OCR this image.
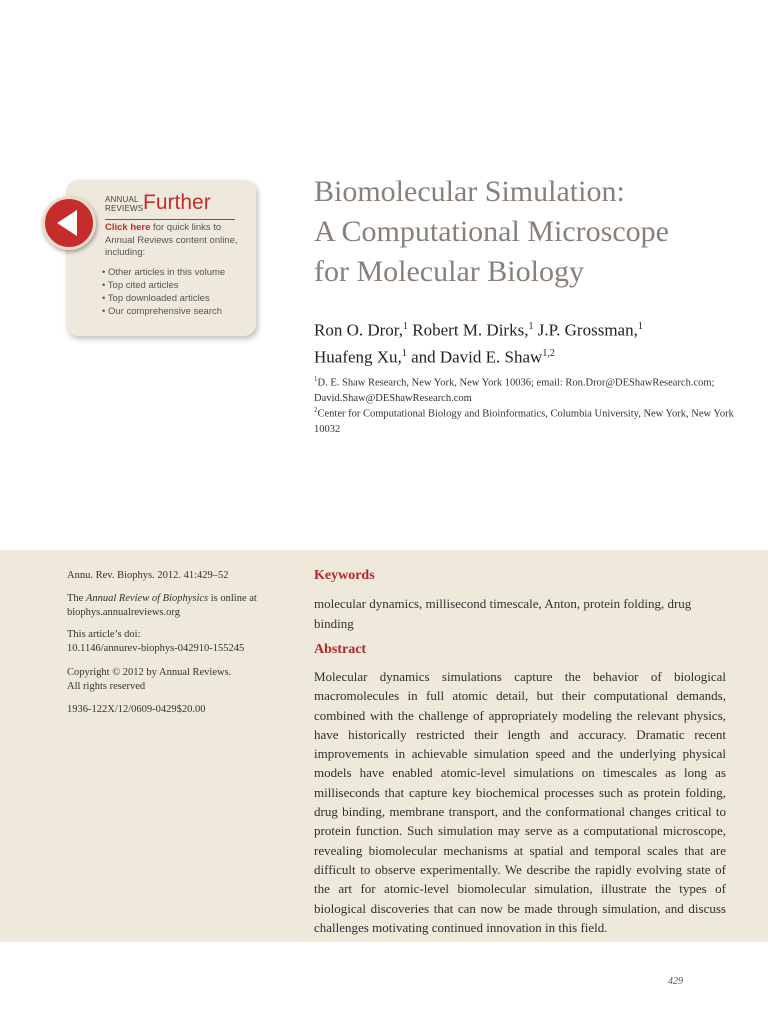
ANNUAL
REVIEWS Further
Click here for quick links to Annual Reviews content online, including:
• Other articles in this volume
• Top cited articles
• Top downloaded articles
• Our comprehensive search
Biomolecular Simulation:
A Computational Microscope
for Molecular Biology
Ron O. Dror,$^1$ Robert M. Dirks,$^1$ J.P. Grossman,$^1$
Huafeng Xu,$^1$ and David E. Shaw$^{1,2}$
$^1$D. E. Shaw Research, New York, New York 10036; email: Ron.Dror@DEShawResearch.com; David.Shaw@DEShawResearch.com
$^2$Center for Computational Biology and Bioinformatics, Columbia University, New York, New York 10032
Annu. Rev. Biophys. 2012. 41:429–52
The Annual Review of Biophysics is online at biophys.annualreviews.org
This article’s doi:
10.1146/annurev-biophys-042910-155245
Copyright © 2012 by Annual Reviews.
All rights reserved
1936-122X/12/0609-0429$20.00
Keywords
molecular dynamics, millisecond timescale, Anton, protein folding, drug binding
Abstract
Molecular dynamics simulations capture the behavior of biological macromolecules in full atomic detail, but their computational demands, combined with the challenge of appropriately modeling the relevant physics, have historically restricted their length and accuracy. Dramatic recent improvements in achievable simulation speed and the underlying physical models have enabled atomic-level simulations on timescales as long as milliseconds that capture key biochemical processes such as protein folding, drug binding, membrane transport, and the conformational changes critical to protein function. Such simulation may serve as a computational microscope, revealing biomolecular mechanisms at spatial and temporal scales that are difficult to observe experimentally. We describe the rapidly evolving state of the art for atomic-level biomolecular simulation, illustrate the types of biological discoveries that can now be made through simulation, and discuss challenges motivating continued innovation in this field.
429
